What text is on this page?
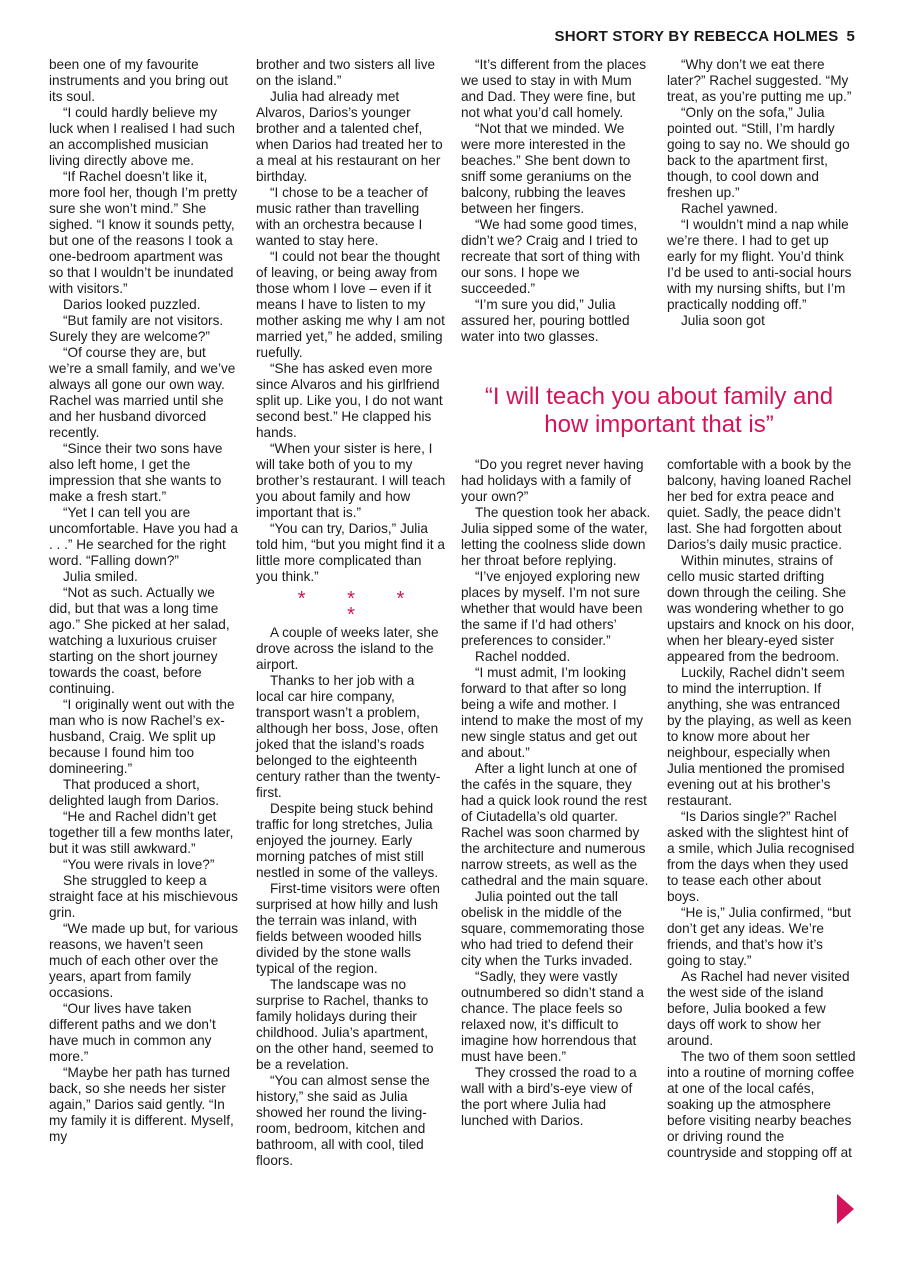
SHORT STORY BY REBECCA HOLMES 5

been one of my favourite instruments and you bring out its soul.

“I could hardly believe my luck when I realised I had such an accomplished musician living directly above me.

“If Rachel doesn’t like it, more fool her, though I’m pretty sure she won’t mind.” She sighed. “I know it sounds petty, but one of the reasons I took a one-bedroom apartment was so that I wouldn’t be inundated with visitors.”

Darios looked puzzled.

“But family are not visitors. Surely they are welcome?”

“Of course they are, but we’re a small family, and we’ve always all gone our own way. Rachel was married until she and her husband divorced recently.

“Since their two sons have also left home, I get the impression that she wants to make a fresh start.”

“Yet I can tell you are uncomfortable. Have you had a . . .” He searched for the right word. “Falling down?”

Julia smiled.

“Not as such. Actually we did, but that was a long time ago.” She picked at her salad, watching a luxurious cruiser starting on the short journey towards the coast, before continuing.

“I originally went out with the man who is now Rachel’s ex-husband, Craig. We split up because I found him too domineering.”

That produced a short, delighted laugh from Darios.

“He and Rachel didn’t get together till a few months later, but it was still awkward.”

“You were rivals in love?”

She struggled to keep a straight face at his mischievous grin.

“We made up but, for various reasons, we haven’t seen much of each other over the years, apart from family occasions.

“Our lives have taken different paths and we don’t have much in common any more.”

“Maybe her path has turned back, so she needs her sister again,” Darios said gently. “In my family it is different. Myself, my

brother and two sisters all live on the island.”

Julia had already met Alvaros, Darios’s younger brother and a talented chef, when Darios had treated her to a meal at his restaurant on her birthday.

“I chose to be a teacher of music rather than travelling with an orchestra because I wanted to stay here.

“I could not bear the thought of leaving, or being away from those whom I love – even if it means I have to listen to my mother asking me why I am not married yet,” he added, smiling ruefully.

“She has asked even more since Alvaros and his girlfriend split up. Like you, I do not want second best.” He clapped his hands.

“When your sister is here, I will take both of you to my brother’s restaurant. I will teach you about family and how important that is.”

“You can try, Darios,” Julia told him, “but you might find it a little more complicated than you think.”

* * * *

A couple of weeks later, she drove across the island to the airport.

Thanks to her job with a local car hire company, transport wasn’t a problem, although her boss, Jose, often joked that the island’s roads belonged to the eighteenth century rather than the twenty-first.

Despite being stuck behind traffic for long stretches, Julia enjoyed the journey. Early morning patches of mist still nestled in some of the valleys.

First-time visitors were often surprised at how hilly and lush the terrain was inland, with fields between wooded hills divided by the stone walls typical of the region.

The landscape was no surprise to Rachel, thanks to family holidays during their childhood. Julia’s apartment, on the other hand, seemed to be a revelation.

“You can almost sense the history,” she said as Julia showed her round the living-room, bedroom, kitchen and bathroom, all with cool, tiled floors.

“It’s different from the places we used to stay in with Mum and Dad. They were fine, but not what you’d call homely.

“Not that we minded. We were more interested in the beaches.” She bent down to sniff some geraniums on the balcony, rubbing the leaves between her fingers.

“We had some good times, didn’t we? Craig and I tried to recreate that sort of thing with our sons. I hope we succeeded.”

“I’m sure you did,” Julia assured her, pouring bottled water into two glasses.

“Why don’t we eat there later?” Rachel suggested. “My treat, as you’re putting me up.”

“Only on the sofa,” Julia pointed out. “Still, I’m hardly going to say no. We should go back to the apartment first, though, to cool down and freshen up.”

Rachel yawned.

“I wouldn’t mind a nap while we’re there. I had to get up early for my flight. You’d think I’d be used to anti-social hours with my nursing shifts, but I’m practically nodding off.”

Julia soon got

“I will teach you about family and how important that is”

“Do you regret never having had holidays with a family of your own?”

The question took her aback. Julia sipped some of the water, letting the coolness slide down her throat before replying.

“I’ve enjoyed exploring new places by myself. I’m not sure whether that would have been the same if I’d had others’ preferences to consider.”

Rachel nodded.

“I must admit, I’m looking forward to that after so long being a wife and mother. I intend to make the most of my new single status and get out and about.”

After a light lunch at one of the cafés in the square, they had a quick look round the rest of Ciutadella’s old quarter. Rachel was soon charmed by the architecture and numerous narrow streets, as well as the cathedral and the main square.

Julia pointed out the tall obelisk in the middle of the square, commemorating those who had tried to defend their city when the Turks invaded.

“Sadly, they were vastly outnumbered so didn’t stand a chance. The place feels so relaxed now, it’s difficult to imagine how horrendous that must have been.”

They crossed the road to a wall with a bird’s-eye view of the port where Julia had lunched with Darios.

comfortable with a book by the balcony, having loaned Rachel her bed for extra peace and quiet. Sadly, the peace didn’t last. She had forgotten about Darios’s daily music practice.

Within minutes, strains of cello music started drifting down through the ceiling. She was wondering whether to go upstairs and knock on his door, when her bleary-eyed sister appeared from the bedroom.

Luckily, Rachel didn’t seem to mind the interruption. If anything, she was entranced by the playing, as well as keen to know more about her neighbour, especially when Julia mentioned the promised evening out at his brother’s restaurant.

“Is Darios single?” Rachel asked with the slightest hint of a smile, which Julia recognised from the days when they used to tease each other about boys.

“He is,” Julia confirmed, “but don’t get any ideas. We’re friends, and that’s how it’s going to stay.”

As Rachel had never visited the west side of the island before, Julia booked a few days off work to show her around.

The two of them soon settled into a routine of morning coffee at one of the local cafés, soaking up the atmosphere before visiting nearby beaches or driving round the countryside and stopping off at
